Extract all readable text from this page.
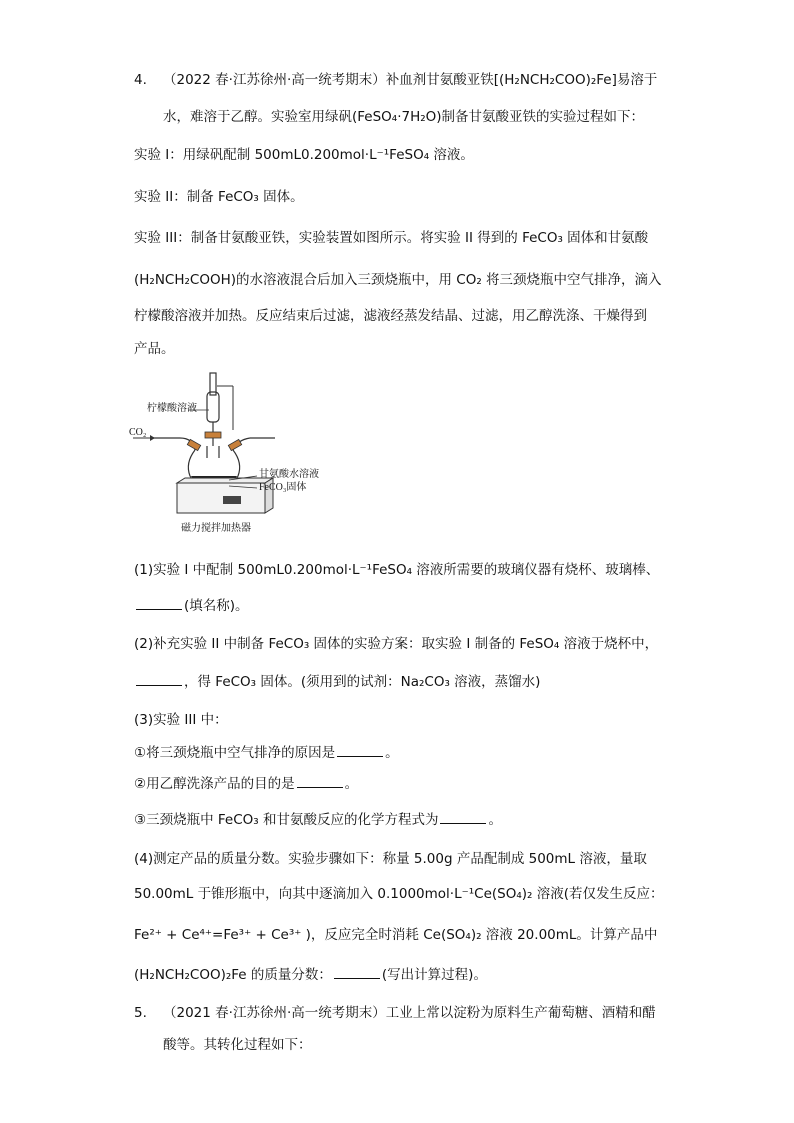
4. （2022 春·江苏徐州·高一统考期末）补血剂甘氨酸亚铁[(H₂NCH₂COO)₂Fe]易溶于
水，难溶于乙醇。实验室用绿矾(FeSO₄·7H₂O)制备甘氨酸亚铁的实验过程如下：
实验 I：用绿矾配制 500mL0.200mol·L⁻¹FeSO₄ 溶液。
实验 II：制备 FeCO₃ 固体。
实验 III：制备甘氨酸亚铁，实验装置如图所示。将实验 II 得到的 FeCO₃ 固体和甘氨酸
(H₂NCH₂COOH)的水溶液混合后加入三颈烧瓶中，用 CO₂ 将三颈烧瓶中空气排净，滴入
柠檬酸溶液并加热。反应结束后过滤，滤液经蒸发结晶、过滤，用乙醇洗涤、干燥得到
产品。
柠檬酸溶液
CO₂
甘氨酸水溶液
FeCO₃固体
磁力搅拌加热器
(1)实验 I 中配制 500mL0.200mol·L⁻¹FeSO₄ 溶液所需要的玻璃仪器有烧杯、玻璃棒、
(填名称)。
(2)补充实验 II 中制备 FeCO₃ 固体的实验方案：取实验 I 制备的 FeSO₄ 溶液于烧杯中，
，得 FeCO₃ 固体。(须用到的试剂：Na₂CO₃ 溶液，蒸馏水)
(3)实验 III 中：
①将三颈烧瓶中空气排净的原因是	。
②用乙醇洗涤产品的目的是	。
③三颈烧瓶中 FeCO₃ 和甘氨酸反应的化学方程式为	。
(4)测定产品的质量分数。实验步骤如下：称量 5.00g 产品配制成 500mL 溶液，量取
50.00mL 于锥形瓶中，向其中逐滴加入 0.1000mol·L⁻¹Ce(SO₄)₂ 溶液(若仅发生反应：
Fe²⁺ + Ce⁴⁺=Fe³⁺ + Ce³⁺ )，反应完全时消耗 Ce(SO₄)₂ 溶液 20.00mL。计算产品中
(H₂NCH₂COO)₂Fe 的质量分数：	(写出计算过程)。
5. （2021 春·江苏徐州·高一统考期末）工业上常以淀粉为原料生产葡萄糖、酒精和醋
酸等。其转化过程如下：
